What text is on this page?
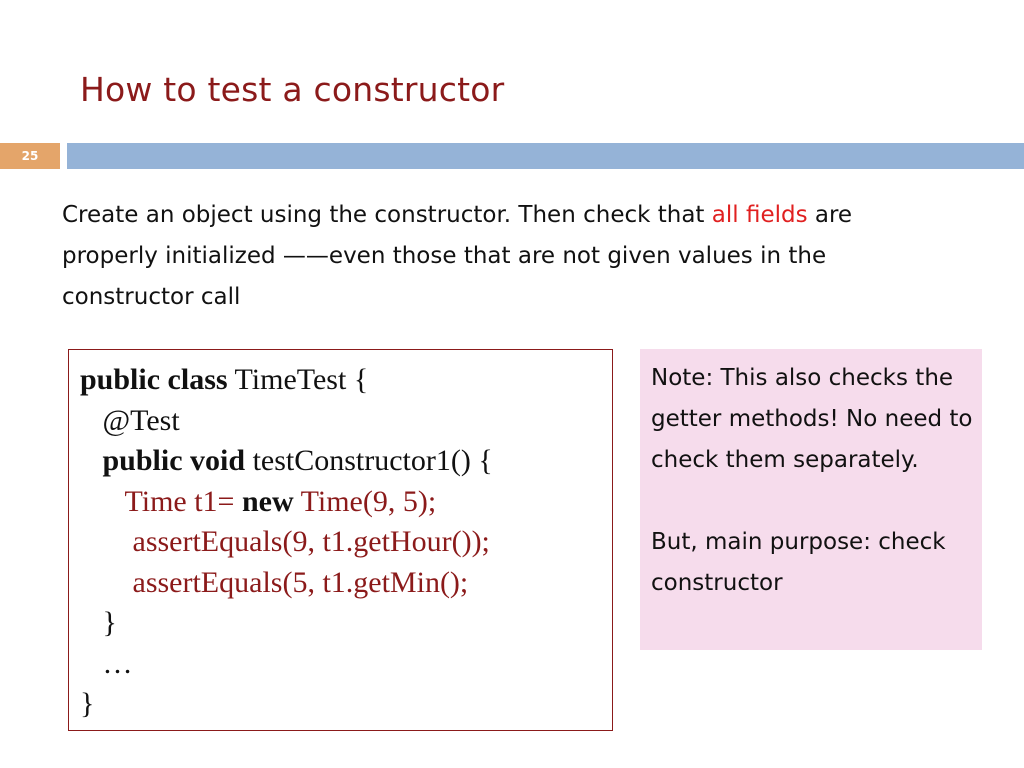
How to test a constructor
25
Create an object using the constructor. Then check that all fields are properly initialized ——even those that are not given values in the constructor call
public class TimeTest {
@Test
public void testConstructor1() {
Time t1= new Time(9, 5);
assertEquals(9, t1.getHour());
assertEquals(5, t1.getMin();
}
…
}

Note: This also checks the getter methods! No need to check them separately.

But, main purpose: check constructor
